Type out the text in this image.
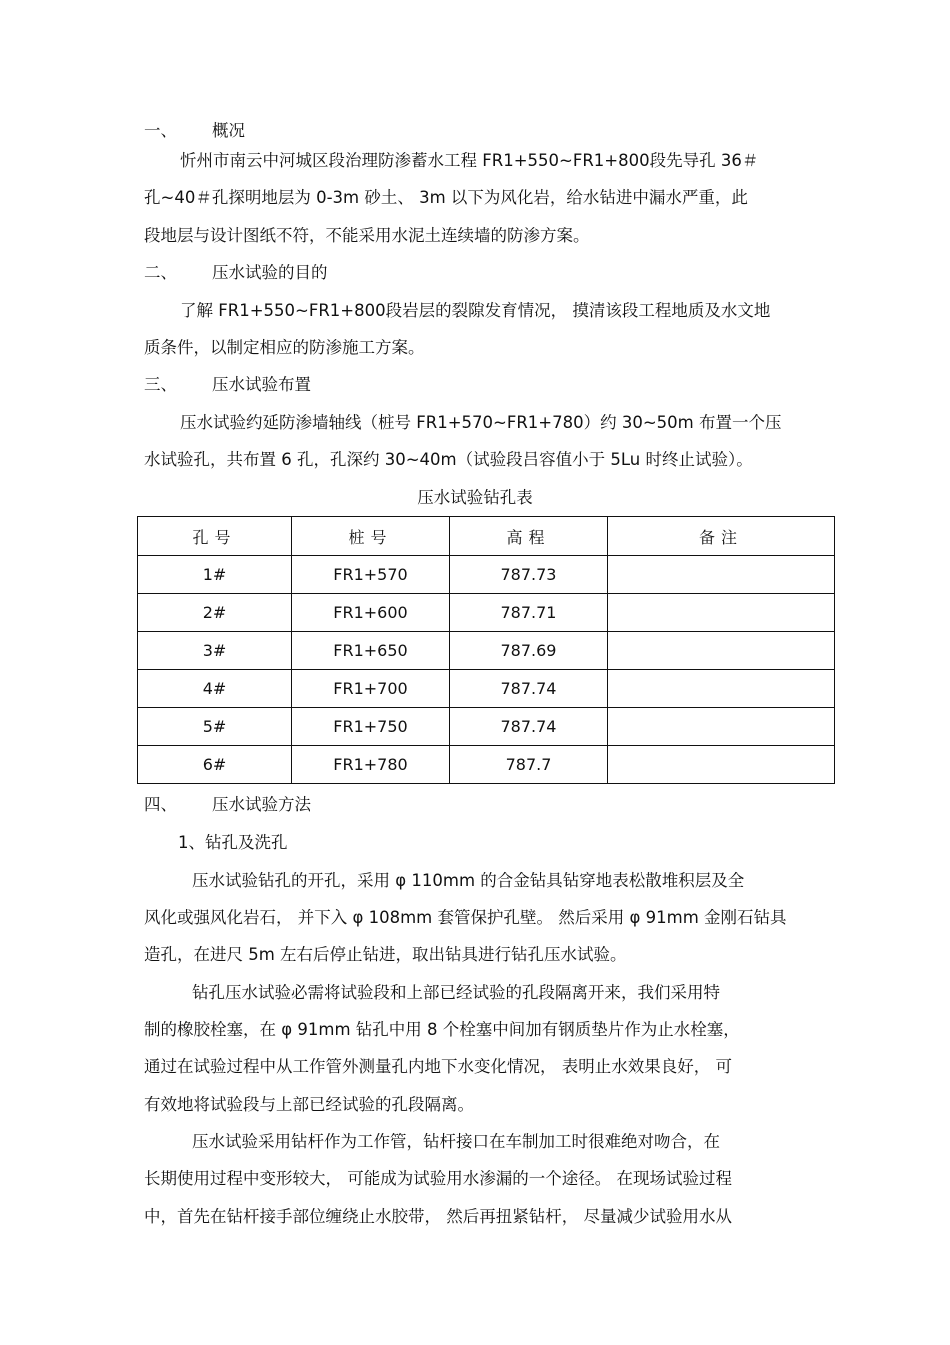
一、 概况
忻州市南云中河城区段治理防渗蓄水工程 FR1+550~FR1+800段先导孔 36＃
孔~40＃孔探明地层为 0-3m 砂土、 3m 以下为风化岩，给水钻进中漏水严重，此
段地层与设计图纸不符，不能采用水泥土连续墙的防渗方案。
二、 压水试验的目的
了解 FR1+550~FR1+800段岩层的裂隙发育情况， 摸清该段工程地质及水文地
质条件，以制定相应的防渗施工方案。
三、 压水试验布置
压水试验约延防渗墙轴线（桩号 FR1+570~FR1+780）约 30~50m 布置一个压
水试验孔，共布置 6 孔，孔深约 30~40m（试验段吕容值小于 5Lu 时终止试验）。
压水试验钻孔表
孔号	桩号	高程	备注
1#	FR1+570	787.73	
2#	FR1+600	787.71	
3#	FR1+650	787.69	
4#	FR1+700	787.74	
5#	FR1+750	787.74	
6#	FR1+780	787.7	
四、 压水试验方法
1、钻孔及洗孔
压水试验钻孔的开孔，采用 φ 110mm 的合金钻具钻穿地表松散堆积层及全
风化或强风化岩石， 并下入 φ 108mm 套管保护孔壁。 然后采用 φ 91mm 金刚石钻具
造孔，在进尺 5m 左右后停止钻进，取出钻具进行钻孔压水试验。
钻孔压水试验必需将试验段和上部已经试验的孔段隔离开来，我们采用特
制的橡胶栓塞，在 φ 91mm 钻孔中用 8 个栓塞中间加有钢质垫片作为止水栓塞，
通过在试验过程中从工作管外测量孔内地下水变化情况， 表明止水效果良好， 可
有效地将试验段与上部已经试验的孔段隔离。
压水试验采用钻杆作为工作管，钻杆接口在车制加工时很难绝对吻合，在
长期使用过程中变形较大， 可能成为试验用水渗漏的一个途径。 在现场试验过程
中，首先在钻杆接手部位缠绕止水胶带， 然后再扭紧钻杆， 尽量减少试验用水从
